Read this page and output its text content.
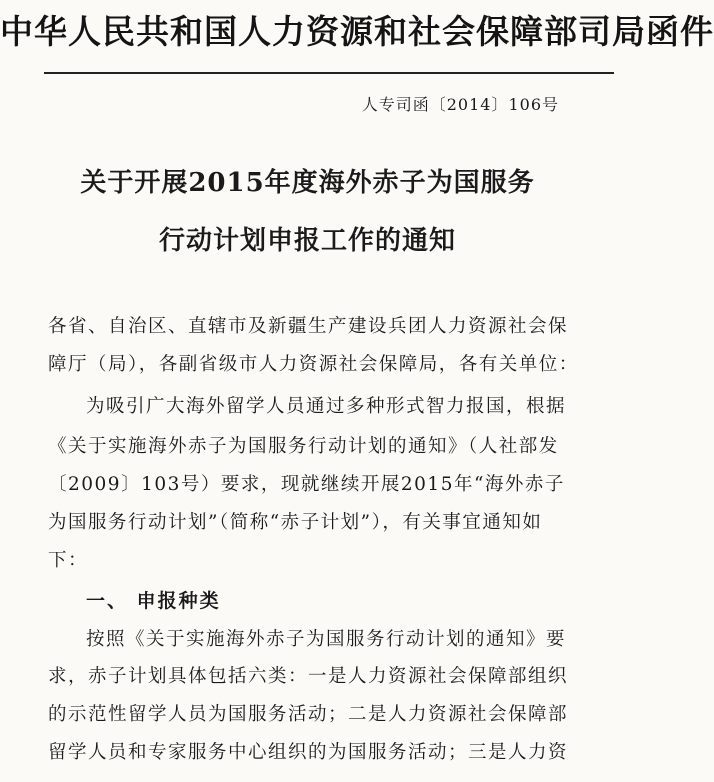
中华人民共和国人力资源和社会保障部司局函件
人专司函〔2014〕106号
关于开展2015年度海外赤子为国服务
行动计划申报工作的通知
各省、自治区、直辖市及新疆生产建设兵团人力资源社会保
障厅（局），各副省级市人力资源社会保障局，各有关单位：
为吸引广大海外留学人员通过多种形式智力报国，根据
《关于实施海外赤子为国服务行动计划的通知》（人社部发
〔2009〕103号）要求，现就继续开展2015年“海外赤子
为国服务行动计划”（简称“赤子计划”），有关事宜通知如
下：
一、 申报种类
按照《关于实施海外赤子为国服务行动计划的通知》要
求，赤子计划具体包括六类：一是人力资源社会保障部组织
的示范性留学人员为国服务活动；二是人力资源社会保障部
留学人员和专家服务中心组织的为国服务活动；三是人力资
